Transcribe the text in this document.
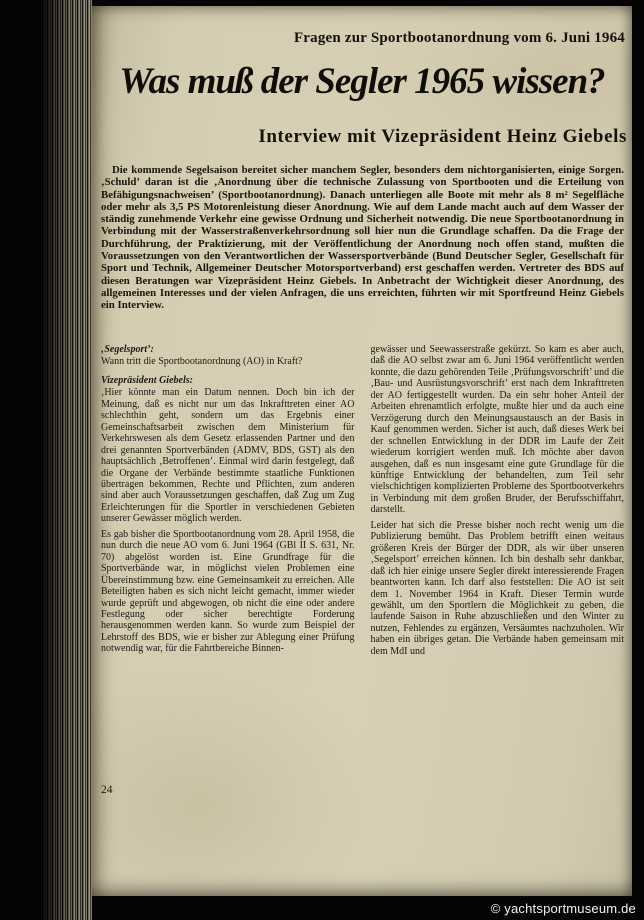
Fragen zur Sportbootanordnung vom 6. Juni 1964
Was muß der Segler 1965 wissen?
Interview mit Vizepräsident Heinz Giebels
Die kommende Segelsaison bereitet sicher manchem Segler, besonders dem nichtorganisierten, einige Sorgen. ‚Schuld’ daran ist die ‚Anordnung über die technische Zulassung von Sportbooten und die Erteilung von Befähigungsnachweisen’ (Sportbootanordnung). Danach unterliegen alle Boote mit mehr als 8 m² Segelfläche oder mehr als 3,5 PS Motorenleistung dieser Anordnung. Wie auf dem Lande macht auch auf dem Wasser der ständig zunehmende Verkehr eine gewisse Ordnung und Sicherheit notwendig. Die neue Sportbootanordnung in Verbindung mit der Wasserstraßenverkehrsordnung soll hier nun die Grundlage schaffen. Da die Frage der Durchführung, der Praktizierung, mit der Veröffentlichung der Anordnung noch offen stand, mußten die Voraussetzungen von den Verantwortlichen der Wassersportverbände (Bund Deutscher Segler, Gesellschaft für Sport und Technik, Allgemeiner Deutscher Motorsportverband) erst geschaffen werden. Vertreter des BDS auf diesen Beratungen war Vizepräsident Heinz Giebels. In Anbetracht der Wichtigkeit dieser Anordnung, des allgemeinen Interesses und der vielen Anfragen, die uns erreichten, führten wir mit Sportfreund Heinz Giebels ein Interview.
‚Segelsport’:
Wann tritt die Sportbootanordnung (AO) in Kraft?
Vizepräsident Giebels:

‚Hier könnte man ein Datum nennen. Doch bin ich der Meinung, daß es nicht nur um das Inkrafttreten einer AO schlechthin geht, sondern um das Ergebnis einer Gemeinschaftsarbeit zwischen dem Ministerium für Verkehrswesen als dem Gesetz erlassenden Partner und den drei genannten Sportverbänden (ADMV, BDS, GST) als den hauptsächlich ‚Betroffenen’. Einmal wird darin festgelegt, daß die Organe der Verbände bestimmte staatliche Funktionen übertragen bekommen, Rechte und Pflichten, zum anderen sind aber auch Voraussetzungen geschaffen, daß Zug um Zug Erleichterungen für die Sportler in verschiedenen Gebieten unserer Gewässer möglich werden.

Es gab bisher die Sportbootanordnung vom 28. April 1958, die nun durch die neue AO vom 6. Juni 1964 (GBl II S. 631, Nr. 70) abgelöst worden ist. Eine Grundfrage für die Sportverbände war, in möglichst vielen Problemen eine Übereinstimmung bzw. eine Gemeinsamkeit zu erreichen. Alle Beteiligten haben es sich nicht leicht gemacht, immer wieder wurde geprüft und abgewogen, ob nicht die eine oder andere Festlegung oder sicher berechtigte Forderung herausgenommen werden kann. So wurde zum Beispiel der Lehrstoff des BDS, wie er bisher zur Ablegung einer Prüfung notwendig war, für die Fahrtbereiche Binnen-

gewässer und Seewasserstraße gekürzt. So kam es aber auch, daß die AO selbst zwar am 6. Juni 1964 veröffentlicht werden konnte, die dazu gehörenden Teile ‚Prüfungsvorschrift’ und die ‚Bau- und Ausrüstungsvorschrift’ erst nach dem Inkrafttreten der AO fertiggestellt wurden. Da ein sehr hoher Anteil der Arbeiten ehrenamtlich erfolgte, mußte hier und da auch eine Verzögerung durch den Meinungsaustausch an der Basis in Kauf genommen werden. Sicher ist auch, daß dieses Werk bei der schnellen Entwicklung in der DDR im Laufe der Zeit wiederum korrigiert werden muß. Ich möchte aber davon ausgehen, daß es nun insgesamt eine gute Grundlage für die künftige Entwicklung der behandelten, zum Teil sehr vielschichtigen komplizierten Probleme des Sportbootverkehrs in Verbindung mit dem großen Bruder, der Berufsschiffahrt, darstellt.

Leider hat sich die Presse bisher noch recht wenig um die Publizierung bemüht. Das Problem betrifft einen weitaus größeren Kreis der Bürger der DDR, als wir über unseren ‚Segelsport’ erreichen können. Ich bin deshalb sehr dankbar, daß ich hier einige unsere Segler direkt interessierende Fragen beantworten kann. Ich darf also feststellen: Die AO ist seit dem 1. November 1964 in Kraft. Dieser Termin wurde gewählt, um den Sportlern die Möglichkeit zu geben, die laufende Saison in Ruhe abzuschließen und den Winter zu nutzen, Fehlendes zu ergänzen, Versäumtes nachzuholen. Wir haben ein übriges getan. Die Verbände haben gemeinsam mit dem MdI und

24
© yachtsportmuseum.de
